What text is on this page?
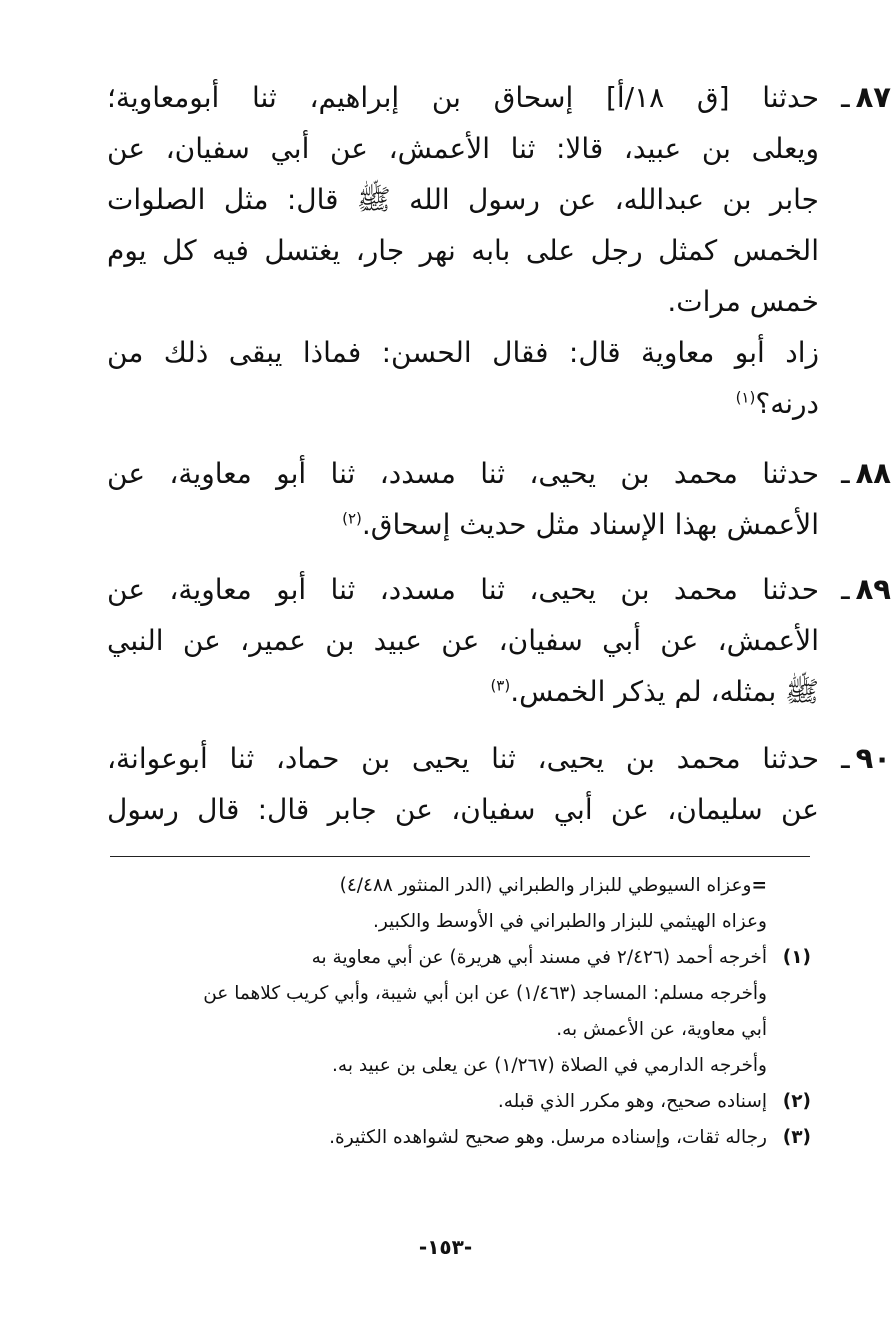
٨٧ـ
حدثنا [ق ١٨/أ] إسحاق بن إبراهيم، ثنا أبومعاوية؛
ويعلى بن عبيد، قالا: ثنا الأعمش، عن أبي سفيان، عن
جابر بن عبدالله، عن رسول الله ﷺ قال: مثل الصلوات
الخمس كمثل رجل على بابه نهر جار، يغتسل فيه كل يوم
خمس مرات.
زاد أبو معاوية قال: فقال الحسن: فماذا يبقى ذلك من
درنه؟$^{(١)}$
٨٨ـ
حدثنا محمد بن يحيى، ثنا مسدد، ثنا أبو معاوية، عن
الأعمش بهذا الإسناد مثل حديث إسحاق.$^{(٢)}$
٨٩ـ
حدثنا محمد بن يحيى، ثنا مسدد، ثنا أبو معاوية، عن
الأعمش، عن أبي سفيان، عن عبيد بن عمير، عن النبي
ﷺ بمثله، لم يذكر الخمس.$^{(٣)}$
٩٠ـ
حدثنا محمد بن يحيى، ثنا يحيى بن حماد، ثنا أبوعوانة،
عن سليمان، عن أبي سفيان، عن جابر قال: قال رسول
=وعزاه السيوطي للبزار والطبراني (الدر المنثور ٤/٤٨٨)
وعزاه الهيثمي للبزار والطبراني في الأوسط والكبير.
(١)أخرجه أحمد (٢/٤٢٦ في مسند أبي هريرة) عن أبي معاوية به
وأخرجه مسلم: المساجد (١/٤٦٣) عن ابن أبي شيبة، وأبي كريب كلاهما عن
أبي معاوية، عن الأعمش به.
وأخرجه الدارمي في الصلاة (١/٢٦٧) عن يعلى بن عبيد به.
(٢)إسناده صحيح، وهو مكرر الذي قبله.
(٣)رجاله ثقات، وإسناده مرسل. وهو صحيح لشواهده الكثيرة.
-١٥٣-
